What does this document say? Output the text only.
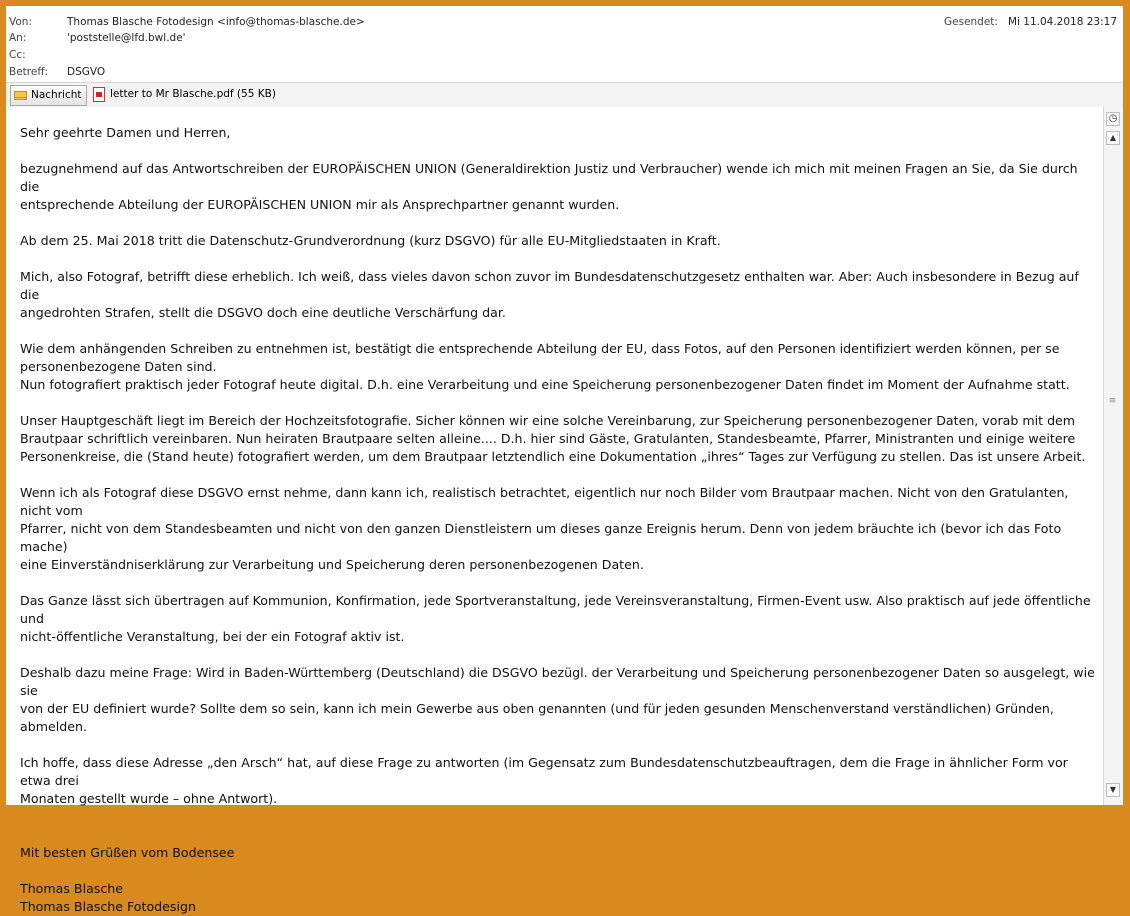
Von:	Thomas Blasche Fotodesign <info@thomas-blasche.de>
An:	'poststelle@lfd.bwl.de'
Cc:
Betreff: DSGVO
Gesendet: Mi 11.04.2018 23:17
Nachricht	letter to Mr Blasche.pdf (55 KB)

Sehr geehrte Damen und Herren,

bezugnehmend auf das Antwortschreiben der EUROPÄISCHEN UNION (Generaldirektion Justiz und Verbraucher) wende ich mich mit meinen Fragen an Sie, da Sie durch die
entsprechende Abteilung der EUROPÄISCHEN UNION mir als Ansprechpartner genannt wurden.

Ab dem 25. Mai 2018 tritt die Datenschutz-Grundverordnung (kurz DSGVO) für alle EU-Mitgliedstaaten in Kraft.

Mich, also Fotograf, betrifft diese erheblich. Ich weiß, dass vieles davon schon zuvor im Bundesdatenschutzgesetz enthalten war. Aber: Auch insbesondere in Bezug auf die
angedrohten Strafen, stellt die DSGVO doch eine deutliche Verschärfung dar.

Wie dem anhängenden Schreiben zu entnehmen ist, bestätigt die entsprechende Abteilung der EU, dass Fotos, auf den Personen identifiziert werden können, per se
personenbezogene Daten sind.
Nun fotografiert praktisch jeder Fotograf heute digital. D.h. eine Verarbeitung und eine Speicherung personenbezogener Daten findet im Moment der Aufnahme statt.

Unser Hauptgeschäft liegt im Bereich der Hochzeitsfotografie. Sicher können wir eine solche Vereinbarung, zur Speicherung personenbezogener Daten, vorab mit dem
Brautpaar schriftlich vereinbaren. Nun heiraten Brautpaare selten alleine.... D.h. hier sind Gäste, Gratulanten, Standesbeamte, Pfarrer, Ministranten und einige weitere
Personenkreise, die (Stand heute) fotografiert werden, um dem Brautpaar letztendlich eine Dokumentation „ihres“ Tages zur Verfügung zu stellen. Das ist unsere Arbeit.

Wenn ich als Fotograf diese DSGVO ernst nehme, dann kann ich, realistisch betrachtet, eigentlich nur noch Bilder vom Brautpaar machen. Nicht von den Gratulanten, nicht vom
Pfarrer, nicht von dem Standesbeamten und nicht von den ganzen Dienstleistern um dieses ganze Ereignis herum. Denn von jedem bräuchte ich (bevor ich das Foto mache)
eine Einverständniserklärung zur Verarbeitung und Speicherung deren personenbezogenen Daten.

Das Ganze lässt sich übertragen auf Kommunion, Konfirmation, jede Sportveranstaltung, jede Vereinsveranstaltung, Firmen-Event usw. Also praktisch auf jede öffentliche und
nicht-öffentliche Veranstaltung, bei der ein Fotograf aktiv ist.

Deshalb dazu meine Frage: Wird in Baden-Württemberg (Deutschland) die DSGVO bezügl. der Verarbeitung und Speicherung personenbezogener Daten so ausgelegt, wie sie
von der EU definiert wurde? Sollte dem so sein, kann ich mein Gewerbe aus oben genannten (und für jeden gesunden Menschenverstand verständlichen) Gründen,
abmelden.

Ich hoffe, dass diese Adresse „den Arsch“ hat, auf diese Frage zu antworten (im Gegensatz zum Bundesdatenschutzbeauftragen, dem die Frage in ähnlicher Form vor etwa drei
Monaten gestellt wurde – ohne Antwort).

Mit besten Grüßen vom Bodensee

Thomas Blasche

Thomas Blasche Fotodesign

◷
▲
≡
▼
